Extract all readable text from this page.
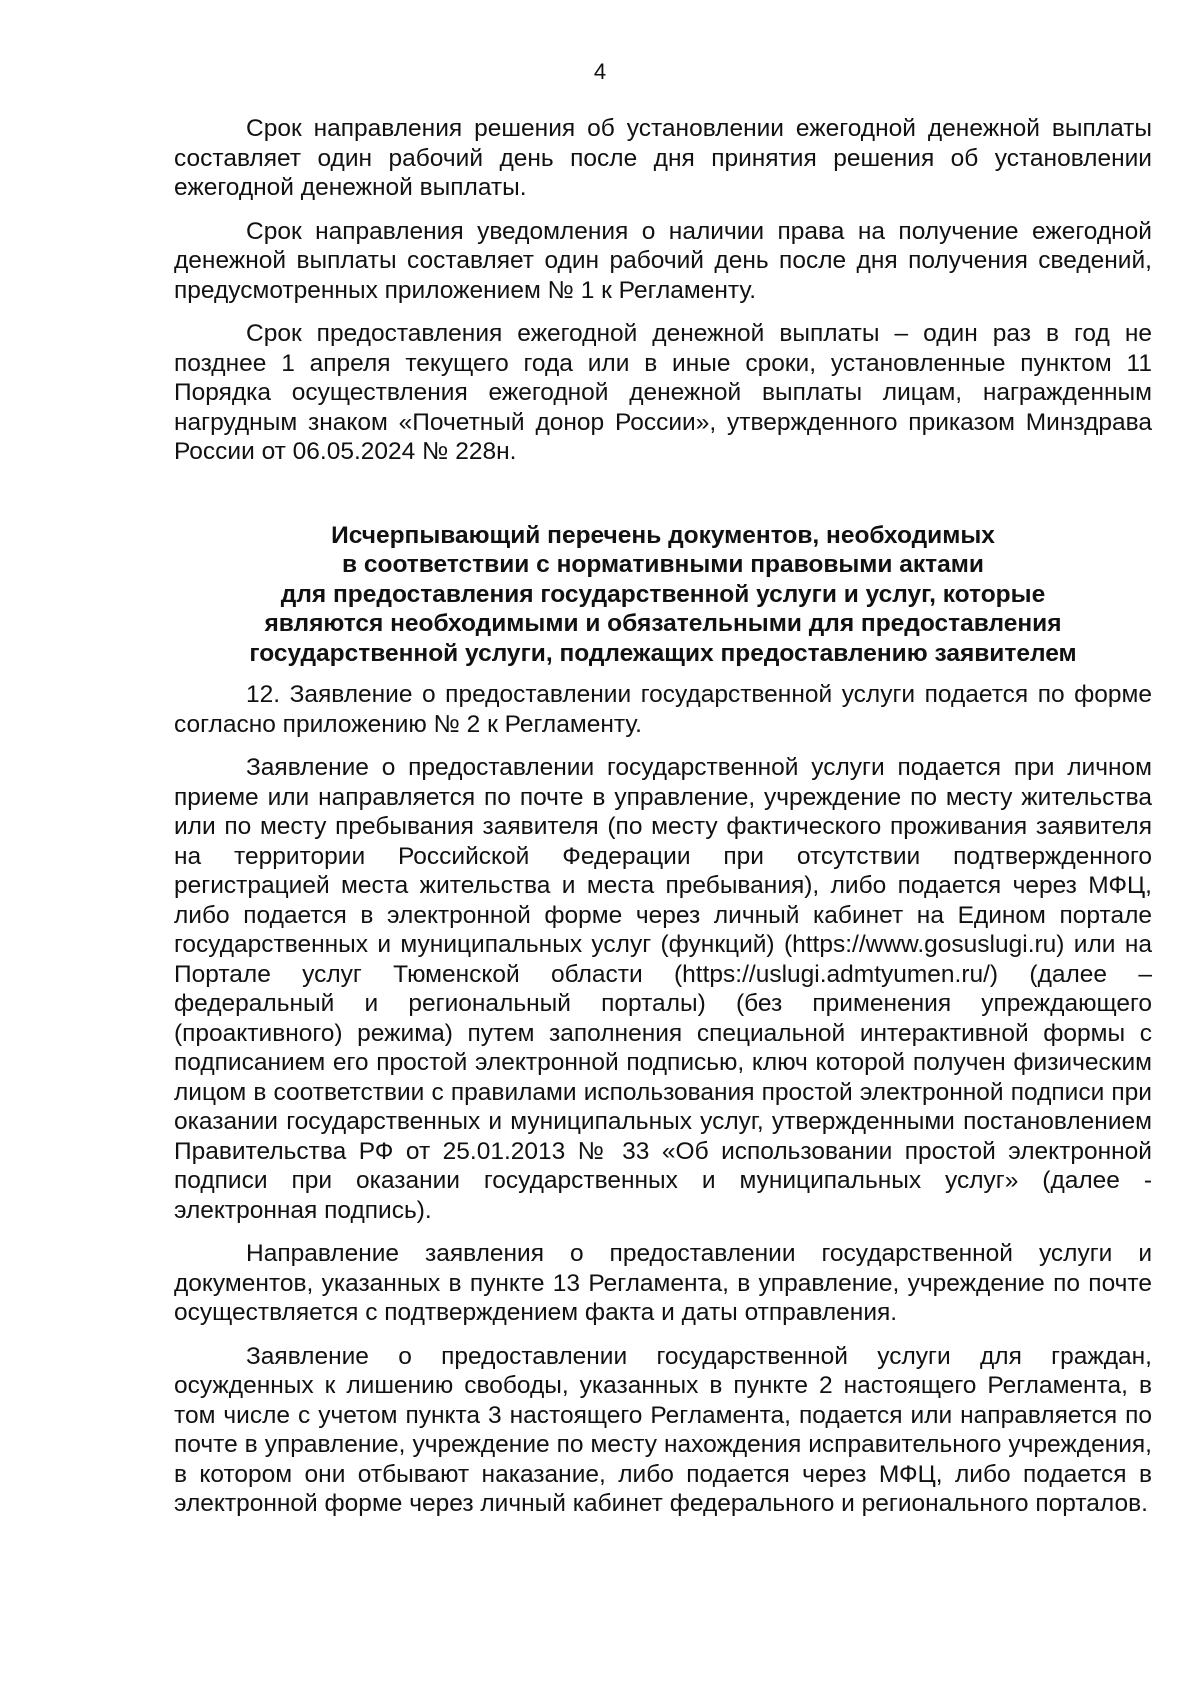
4

Срок направления решения об установлении ежегодной денежной выплаты составляет один рабочий день после дня принятия решения об установлении ежегодной денежной выплаты.

Срок направления уведомления о наличии права на получение ежегодной денежной выплаты составляет один рабочий день после дня получения сведений, предусмотренных приложением № 1 к Регламенту.

Срок предоставления ежегодной денежной выплаты – один раз в год не позднее 1 апреля текущего года или в иные сроки, установленные пунктом 11 Порядка осуществления ежегодной денежной выплаты лицам, награжденным нагрудным знаком «Почетный донор России», утвержденного приказом Минздрава России от 06.05.2024 № 228н.

Исчерпывающий перечень документов, необходимых
в соответствии с нормативными правовыми актами
для предоставления государственной услуги и услуг, которые
являются необходимыми и обязательными для предоставления
государственной услуги, подлежащих предоставлению заявителем

12. Заявление о предоставлении государственной услуги подается по форме согласно приложению № 2 к Регламенту.

Заявление о предоставлении государственной услуги подается при личном приеме или направляется по почте в управление, учреждение по месту жительства или по месту пребывания заявителя (по месту фактического проживания заявителя на территории Российской Федерации при отсутствии подтвержденного регистрацией места жительства и места пребывания), либо подается через МФЦ, либо подается в электронной форме через личный кабинет на Едином портале государственных и муниципальных услуг (функций) (https://www.gosuslugi.ru) или на Портале услуг Тюменской области (https://uslugi.admtyumen.ru/) (далее – федеральный и региональный порталы) (без применения упреждающего (проактивного) режима) путем заполнения специальной интерактивной формы с подписанием его простой электронной подписью, ключ которой получен физическим лицом в соответствии с правилами использования простой электронной подписи при оказании государственных и муниципальных услуг, утвержденными постановлением Правительства РФ от 25.01.2013 № 33 «Об использовании простой электронной подписи при оказании государственных и муниципальных услуг» (далее - электронная подпись).

Направление заявления о предоставлении государственной услуги и документов, указанных в пункте 13 Регламента, в управление, учреждение по почте осуществляется с подтверждением факта и даты отправления.

Заявление о предоставлении государственной услуги для граждан, осужденных к лишению свободы, указанных в пункте 2 настоящего Регламента, в том числе с учетом пункта 3 настоящего Регламента, подается или направляется по почте в управление, учреждение по месту нахождения исправительного учреждения, в котором они отбывают наказание, либо подается через МФЦ, либо подается в электронной форме через личный кабинет федерального и регионального порталов.
